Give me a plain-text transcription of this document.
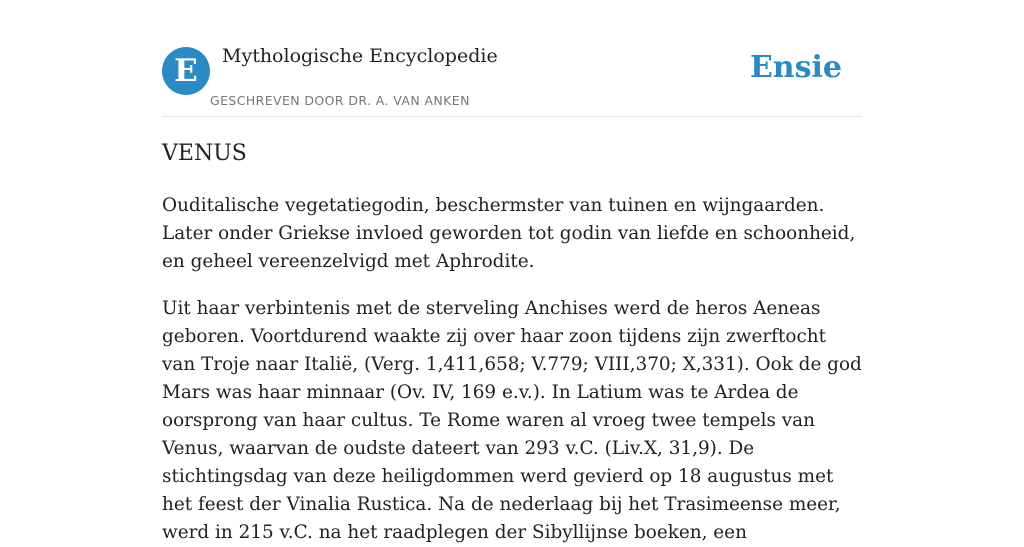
E	Mythologische Encyclopedie
GESCHREVEN DOOR DR. A. VAN ANKEN
Ensie
VENUS

Ouditalische vegetatiegodin, beschermster van tuinen en wijngaarden. Later onder Griekse invloed geworden tot godin van liefde en schoonheid, en geheel vereenzelvigd met Aphrodite.

Uit haar verbintenis met de sterveling Anchises werd de heros Aeneas geboren. Voortdurend waakte zij over haar zoon tijdens zijn zwerftocht van Troje naar Italië, (Verg. 1,411,658; V.779; VIII,370; X,331). Ook de god Mars was haar minnaar (Ov. IV, 169 e.v.). In Latium was te Ardea de oorsprong van haar cultus. Te Rome waren al vroeg twee tempels van Venus, waarvan de oudste dateert van 293 v.C. (Liv.X, 31,9). De stichtingsdag van deze heiligdommen werd gevierd op 18 augustus met het feest der Vinalia Rustica. Na de nederlaag bij het Trasimeense meer, werd in 215 v.C. na het raadplegen der Sibyllijnse boeken, een
